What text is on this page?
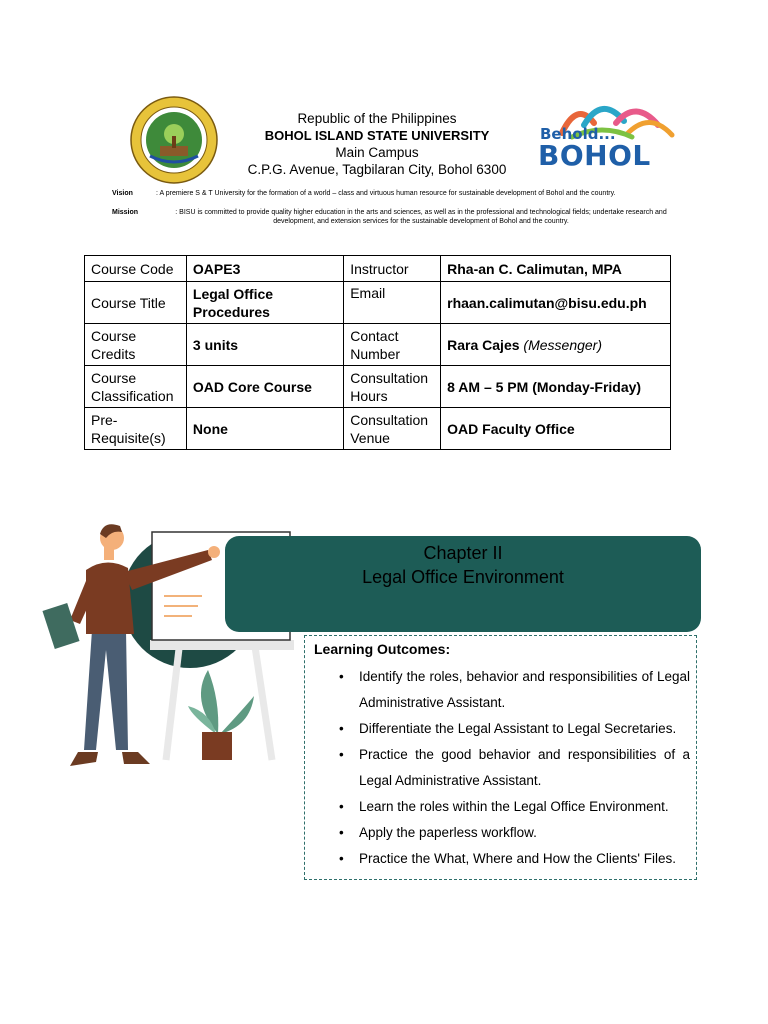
Republic of the Philippines
BOHOL ISLAND STATE UNIVERSITY
Main Campus
C.P.G. Avenue, Tagbilaran City, Bohol 6300
Behold...
BOHOL
Vision	: A premiere S & T University for the formation of a world – class and virtuous human resource for sustainable development of Bohol and the country.
Mission	: BISU is committed to provide quality higher education in the arts and sciences, as well as in the professional and technological fields; undertake research and development, and extension services for the sustainable development of Bohol and the country.
Course Code	OAPE3	Instructor	Rha-an C. Calimutan, MPA
Course Title	Legal Office Procedures	Email	rhaan.calimutan@bisu.edu.ph
Course Credits	3 units	Contact Number	Rara Cajes (Messenger)
Course Classification	OAD Core Course	Consultation Hours	8 AM – 5 PM (Monday-Friday)
Pre-Requisite(s)	None	Consultation Venue	OAD Faculty Office
Chapter II
Legal Office Environment
Learning Outcomes:
• Identify the roles, behavior and responsibilities of Legal Administrative Assistant.
• Differentiate the Legal Assistant to Legal Secretaries.
• Practice the good behavior and responsibilities of a Legal Administrative Assistant.
• Learn the roles within the Legal Office Environment.
• Apply the paperless workflow.
• Practice the What, Where and How the Clients' Files.
